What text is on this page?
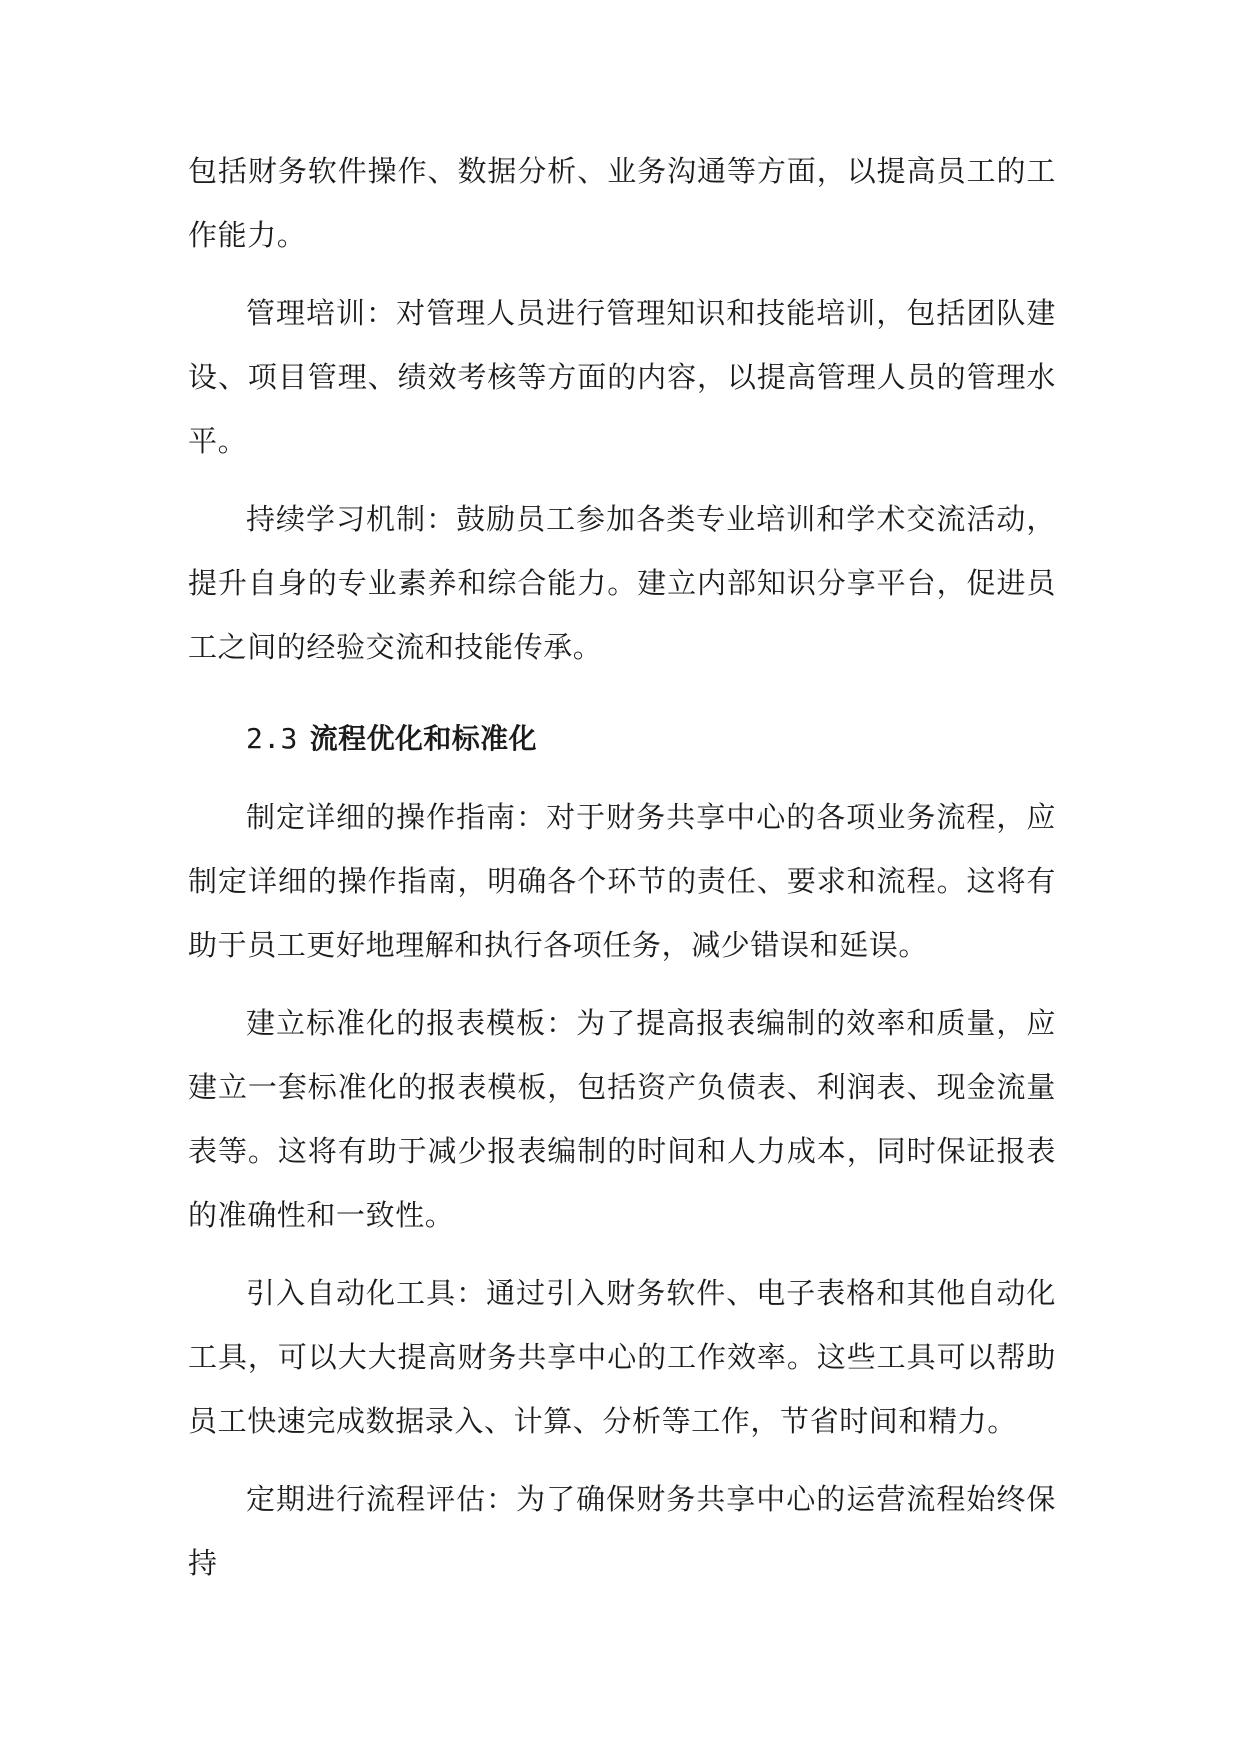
包括财务软件操作、数据分析、业务沟通等方面，以提高员工的工作能力。

管理培训：对管理人员进行管理知识和技能培训，包括团队建设、项目管理、绩效考核等方面的内容，以提高管理人员的管理水平。

持续学习机制：鼓励员工参加各类专业培训和学术交流活动，提升自身的专业素养和综合能力。建立内部知识分享平台，促进员工之间的经验交流和技能传承。

2.3 流程优化和标准化

制定详细的操作指南：对于财务共享中心的各项业务流程，应制定详细的操作指南，明确各个环节的责任、要求和流程。这将有助于员工更好地理解和执行各项任务，减少错误和延误。

建立标准化的报表模板：为了提高报表编制的效率和质量，应建立一套标准化的报表模板，包括资产负债表、利润表、现金流量表等。这将有助于减少报表编制的时间和人力成本，同时保证报表的准确性和一致性。

引入自动化工具：通过引入财务软件、电子表格和其他自动化工具，可以大大提高财务共享中心的工作效率。这些工具可以帮助员工快速完成数据录入、计算、分析等工作，节省时间和精力。

定期进行流程评估：为了确保财务共享中心的运营流程始终保持
